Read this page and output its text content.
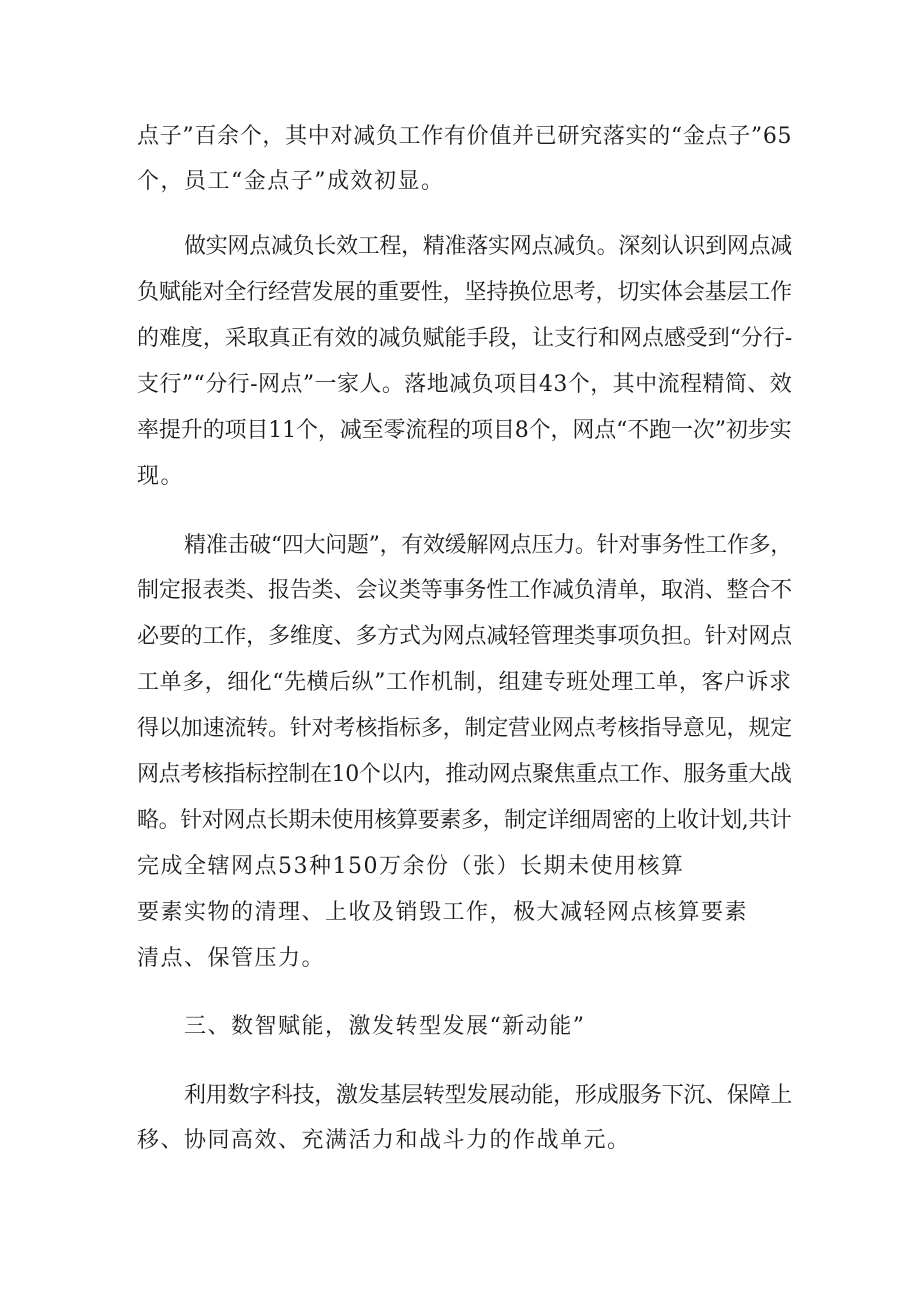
点子”百余个，其中对减负工作有价值并已研究落实的“金点子”65

个，员工“金点子”成效初显。

做实网点减负长效工程，精准落实网点减负。深刻认识到网点减

负赋能对全行经营发展的重要性，坚持换位思考，切实体会基层工作

的难度，采取真正有效的减负赋能手段，让支行和网点感受到“分行-

支行”“分行-网点”一家人。落地减负项目43个，其中流程精简、效

率提升的项目11个，减至零流程的项目8个，网点“不跑一次”初步实

现。

精准击破“四大问题”，有效缓解网点压力。针对事务性工作多，

制定报表类、报告类、会议类等事务性工作减负清单，取消、整合不

必要的工作，多维度、多方式为网点减轻管理类事项负担。针对网点

工单多，细化“先横后纵”工作机制，组建专班处理工单，客户诉求

得以加速流转。针对考核指标多，制定营业网点考核指导意见，规定

网点考核指标控制在10个以内，推动网点聚焦重点工作、服务重大战

略。针对网点长期未使用核算要素多，制定详细周密的上收计划,共计

完成全辖网点53种150万余份（张）长期未使用核算

要素实物的清理、上收及销毁工作，极大减轻网点核算要素

清点、保管压力。

三、数智赋能，激发转型发展“新动能”

利用数字科技，激发基层转型发展动能，形成服务下沉、保障上

移、协同高效、充满活力和战斗力的作战单元。
